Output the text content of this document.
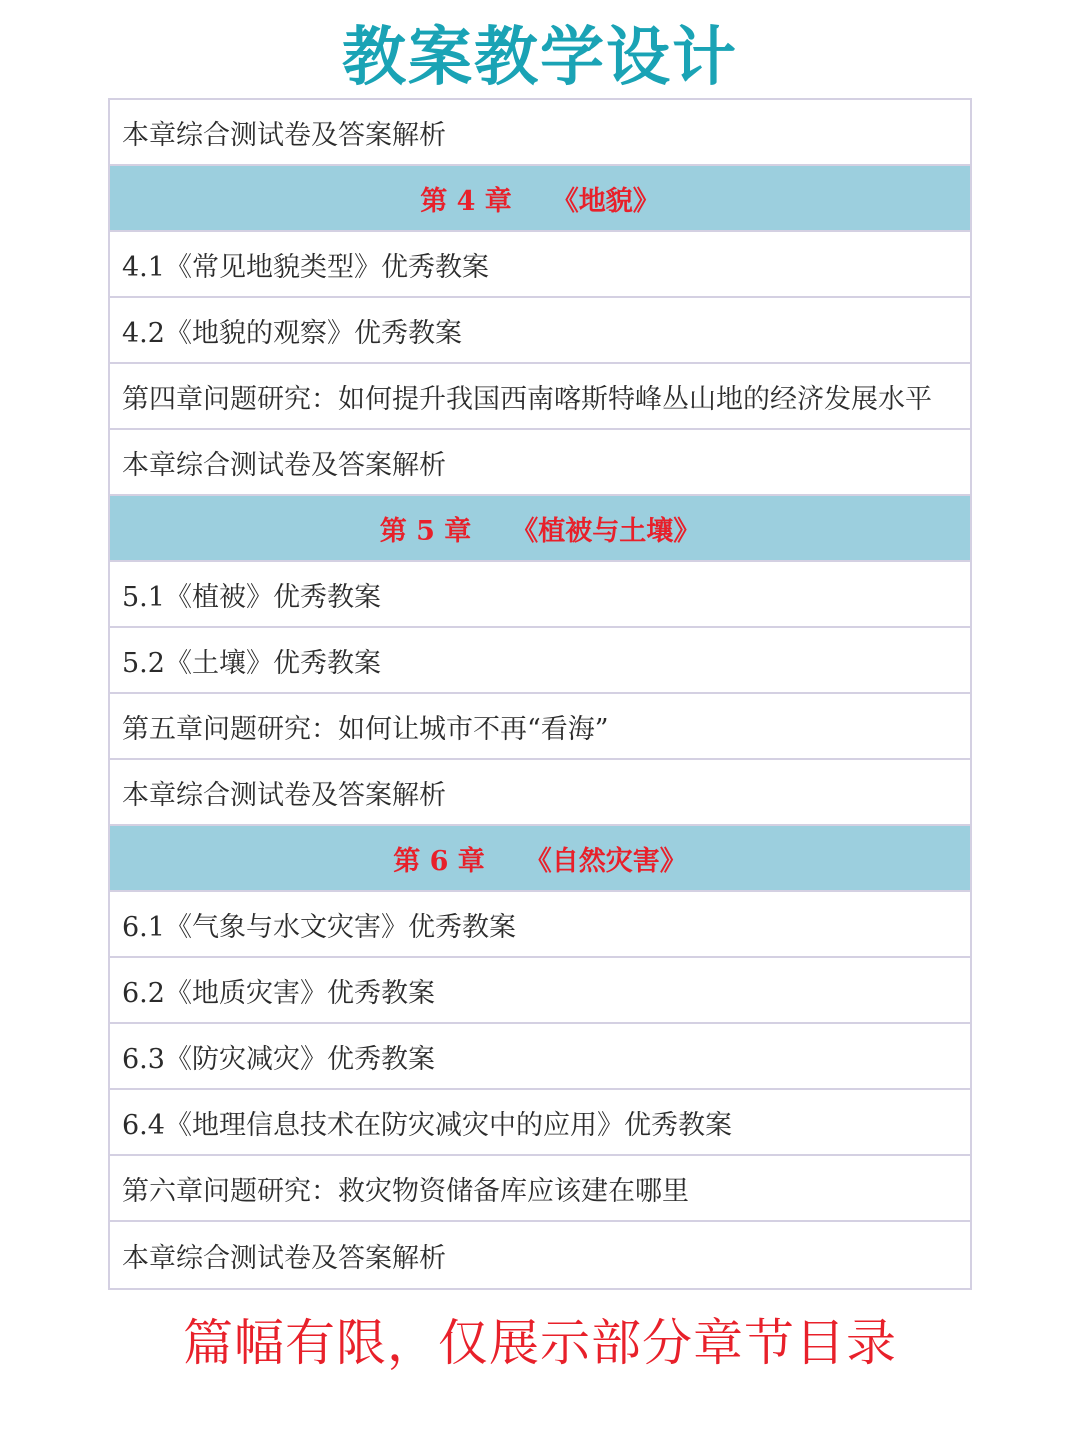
教案教学设计
本章综合测试卷及答案解析
第 4 章 《地貌》
4.1《常见地貌类型》优秀教案
4.2《地貌的观察》优秀教案
第四章问题研究：如何提升我国西南喀斯特峰丛山地的经济发展水平
本章综合测试卷及答案解析
第 5 章 《植被与土壤》
5.1《植被》优秀教案
5.2《土壤》优秀教案
第五章问题研究：如何让城市不再“看海”
本章综合测试卷及答案解析
第 6 章 《自然灾害》
6.1《气象与水文灾害》优秀教案
6.2《地质灾害》优秀教案
6.3《防灾减灾》优秀教案
6.4《地理信息技术在防灾减灾中的应用》优秀教案
第六章问题研究：救灾物资储备库应该建在哪里
本章综合测试卷及答案解析
篇幅有限，仅展示部分章节目录
